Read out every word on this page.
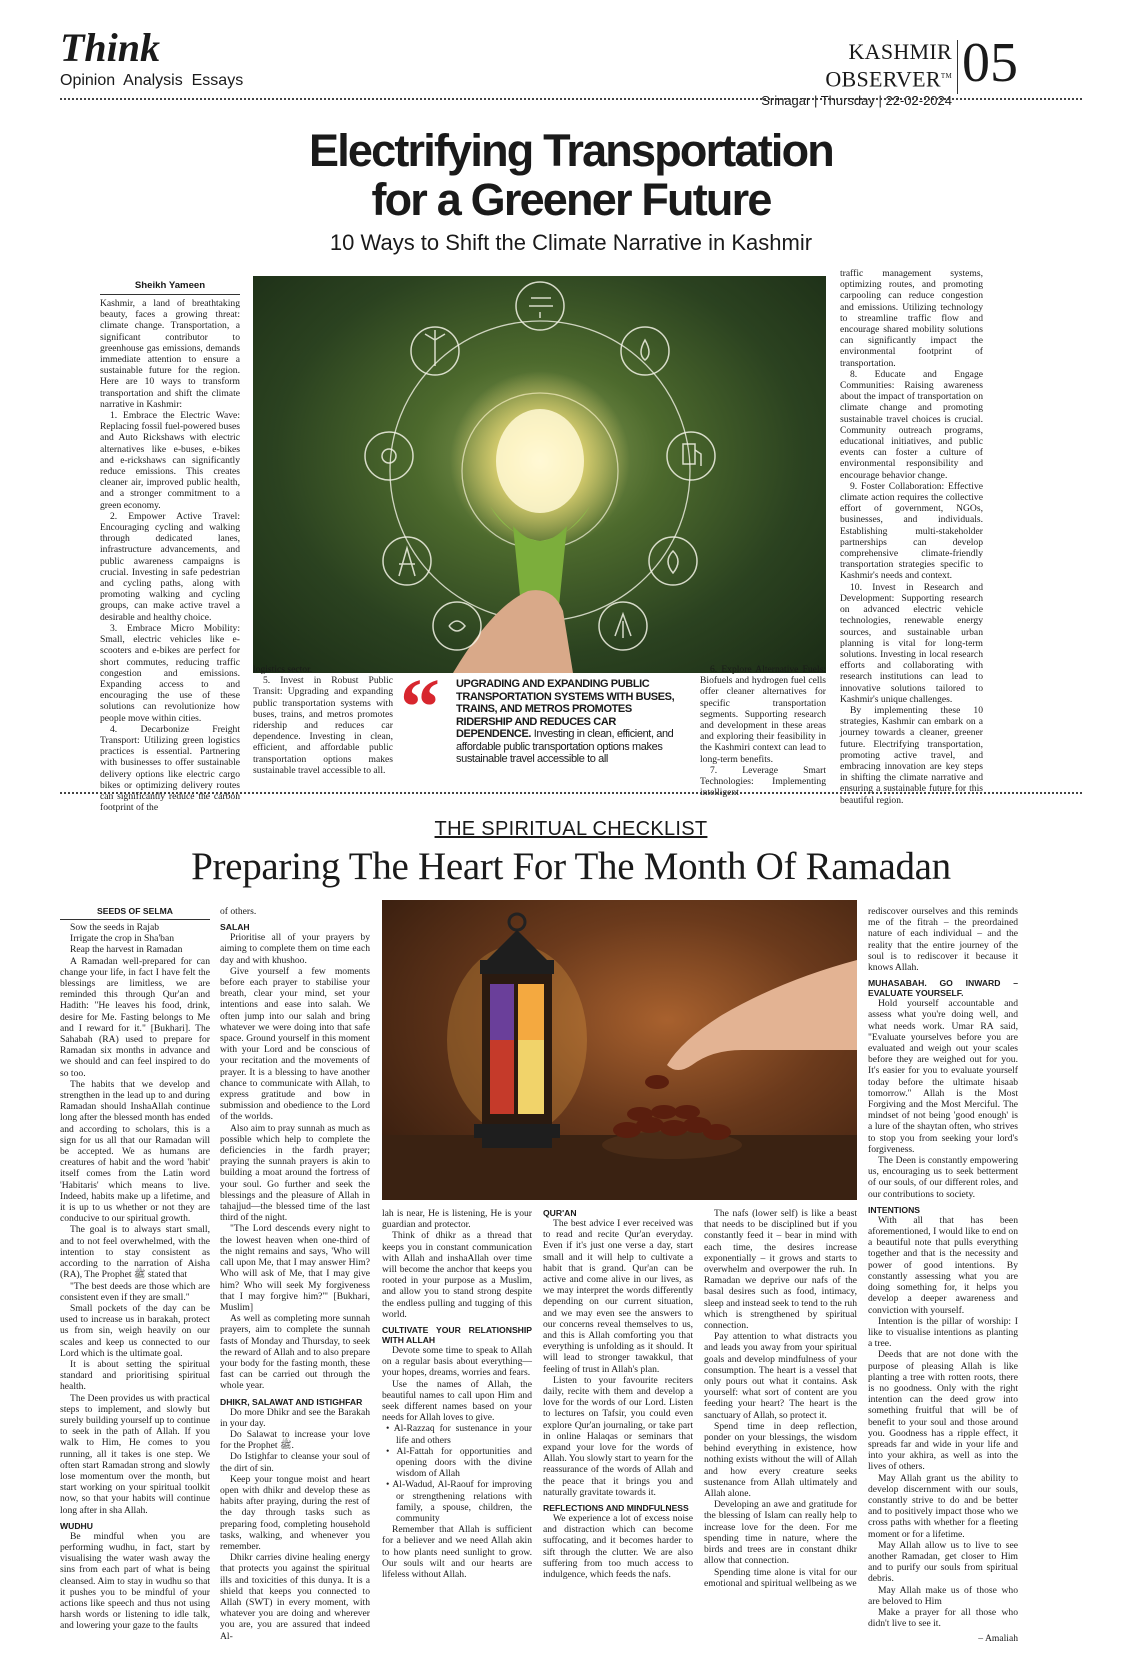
Think
Opinion  Analysis  Essays
KASHMIR OBSERVER™
Srinagar | Thursday | 22-02-2024
05
Electrifying Transportation
for a Greener Future
10 Ways to Shift the Climate Narrative in Kashmir
Sheikh Yameen

Kashmir, a land of breathtaking beauty, faces a growing threat: climate change. Transportation, a significant contributor to greenhouse gas emissions, demands immediate attention to ensure a sustainable future for the region. Here are 10 ways to transform transportation and shift the climate narrative in Kashmir:

1. Embrace the Electric Wave: Replacing fossil fuel-powered buses and Auto Rickshaws with electric alternatives like e-buses, e-bikes and e-rickshaws can significantly reduce emissions. This creates cleaner air, improved public health, and a stronger commitment to a green economy.

2. Empower Active Travel: Encouraging cycling and walking through dedicated lanes, infrastructure advancements, and public awareness campaigns is crucial. Investing in safe pedestrian and cycling paths, along with promoting walking and cycling groups, can make active travel a desirable and healthy choice.

3. Embrace Micro Mobility: Small, electric vehicles like e-scooters and e-bikes are perfect for short commutes, reducing traffic congestion and emissions. Expanding access to and encouraging the use of these solutions can revolutionize how people move within cities.

4. Decarbonize Freight Transport: Utilizing green logistics practices is essential. Partnering with businesses to offer sustainable delivery options like electric cargo bikes or optimizing delivery routes can significantly reduce the carbon footprint of the

logistics sector.

5. Invest in Robust Public Transit: Upgrading and expanding public transportation systems with buses, trains, and metros promotes ridership and reduces car dependence. Investing in clean, efficient, and affordable public transportation options makes sustainable travel accessible to all.

“ UPGRADING AND EXPANDING PUBLIC TRANSPORTATION SYSTEMS WITH BUSES, TRAINS, AND METROS PROMOTES RIDERSHIP AND REDUCES CAR DEPENDENCE. Investing in clean, efficient, and affordable public transportation options makes sustainable travel accessible to all

6. Explore Alternative Fuels: Biofuels and hydrogen fuel cells offer cleaner alternatives for specific transportation segments. Supporting research and development in these areas and exploring their feasibility in the Kashmiri context can lead to long-term benefits.

7. Leverage Smart Technologies: Implementing intelligent

traffic management systems, optimizing routes, and promoting carpooling can reduce congestion and emissions. Utilizing technology to streamline traffic flow and encourage shared mobility solutions can significantly impact the environmental footprint of transportation.

8. Educate and Engage Communities: Raising awareness about the impact of transportation on climate change and promoting sustainable travel choices is crucial. Community outreach programs, educational initiatives, and public events can foster a culture of environmental responsibility and encourage behavior change.

9. Foster Collaboration: Effective climate action requires the collective effort of government, NGOs, businesses, and individuals. Establishing multi-stakeholder partnerships can develop comprehensive climate-friendly transportation strategies specific to Kashmir's needs and context.

10. Invest in Research and Development: Supporting research on advanced electric vehicle technologies, renewable energy sources, and sustainable urban planning is vital for long-term solutions. Investing in local research efforts and collaborating with research institutions can lead to innovative solutions tailored to Kashmir's unique challenges.

By implementing these 10 strategies, Kashmir can embark on a journey towards a cleaner, greener future. Electrifying transportation, promoting active travel, and embracing innovation are key steps in shifting the climate narrative and ensuring a sustainable future for this beautiful region.

THE SPIRITUAL CHECKLIST
Preparing The Heart For The Month Of Ramadan
SEEDS OF SELMA

Sow the seeds in Rajab

Irrigate the crop in Sha'ban

Reap the harvest in Ramadan

A Ramadan well-prepared for can change your life, in fact I have felt the blessings are limitless, we are reminded this through Qur'an and Hadith: "He leaves his food, drink, desire for Me. Fasting belongs to Me and I reward for it." [Bukhari]. The Sahabah (RA) used to prepare for Ramadan six months in advance and we should and can feel inspired to do so too.

The habits that we develop and strengthen in the lead up to and during Ramadan should InshaAllah continue long after the blessed month has ended and according to scholars, this is a sign for us all that our Ramadan will be accepted. We as humans are creatures of habit and the word 'habit' itself comes from the Latin word 'Habitaris' which means to live. Indeed, habits make up a lifetime, and it is up to us whether or not they are conducive to our spiritual growth.

The goal is to always start small, and to not feel overwhelmed, with the intention to stay consistent as according to the narration of Aisha (RA), The Prophet ﷺ stated that

"The best deeds are those which are consistent even if they are small."

Small pockets of the day can be used to increase us in barakah, protect us from sin, weigh heavily on our scales and keep us connected to our Lord which is the ultimate goal.

It is about setting the spiritual standard and prioritising spiritual health.

The Deen provides us with practical steps to implement, and slowly but surely building yourself up to continue to seek in the path of Allah. If you walk to Him, He comes to you running, all it takes is one step. We often start Ramadan strong and slowly lose momentum over the month, but start working on your spiritual toolkit now, so that your habits will continue long after in sha Allah.

WUDHU

Be mindful when you are performing wudhu, in fact, start by visualising the water wash away the sins from each part of what is being cleansed. Aim to stay in wudhu so that it pushes you to be mindful of your actions like speech and thus not using harsh words or listening to idle talk, and lowering your gaze to the faults

of others.

SALAH

Prioritise all of your prayers by aiming to complete them on time each day and with khushoo.

Give yourself a few moments before each prayer to stabilise your breath, clear your mind, set your intentions and ease into salah. We often jump into our salah and bring whatever we were doing into that safe space. Ground yourself in this moment with your Lord and be conscious of your recitation and the movements of prayer. It is a blessing to have another chance to communicate with Allah, to express gratitude and bow in submission and obedience to the Lord of the worlds.

Also aim to pray sunnah as much as possible which help to complete the deficiencies in the fardh prayer; praying the sunnah prayers is akin to building a moat around the fortress of your soul. Go further and seek the blessings and the pleasure of Allah in tahajjud—the blessed time of the last third of the night.

"The Lord descends every night to the lowest heaven when one-third of the night remains and says, 'Who will call upon Me, that I may answer Him? Who will ask of Me, that I may give him? Who will seek My forgiveness that I may forgive him?'" [Bukhari, Muslim]

As well as completing more sunnah prayers, aim to complete the sunnah fasts of Monday and Thursday, to seek the reward of Allah and to also prepare your body for the fasting month, these fast can be carried out through the whole year.

DHIKR, SALAWAT AND ISTIGHFAR

Do more Dhikr and see the Barakah in your day.

Do Salawat to increase your love for the Prophet ﷺ.

Do Istighfar to cleanse your soul of the dirt of sin.

Keep your tongue moist and heart open with dhikr and develop these as habits after praying, during the rest of the day through tasks such as preparing food, completing household tasks, walking, and whenever you remember.

Dhikr carries divine healing energy that protects you against the spiritual ills and toxicities of this dunya. It is a shield that keeps you connected to Allah (SWT) in every moment, with whatever you are doing and wherever you are, you are assured that indeed Al-

lah is near, He is listening, He is your guardian and protector.

Think of dhikr as a thread that keeps you in constant communication with Allah and inshaAllah over time will become the anchor that keeps you rooted in your purpose as a Muslim, and allow you to stand strong despite the endless pulling and tugging of this world.

CULTIVATE YOUR RELATIONSHIP WITH ALLAH

Devote some time to speak to Allah on a regular basis about everything—your hopes, dreams, worries and fears.

Use the names of Allah, the beautiful names to call upon Him and seek different names based on your needs for Allah loves to give.

• Al-Razzaq for sustenance in your life and others
• Al-Fattah for opportunities and opening doors with the divine wisdom of Allah
• Al-Wadud, Al-Raouf for improving or strengthening relations with family, a spouse, children, the community

Remember that Allah is sufficient for a believer and we need Allah akin to how plants need sunlight to grow. Our souls wilt and our hearts are lifeless without Allah.

QUR'AN

The best advice I ever received was to read and recite Qur'an everyday. Even if it's just one verse a day, start small and it will help to cultivate a habit that is grand. Qur'an can be active and come alive in our lives, as we may interpret the words differently depending on our current situation, and we may even see the answers to our concerns reveal themselves to us, and this is Allah comforting you that everything is unfolding as it should. It will lead to stronger tawakkul, that feeling of trust in Allah's plan.

Listen to your favourite reciters daily, recite with them and develop a love for the words of our Lord. Listen to lectures on Tafsir, you could even explore Qur'an journaling, or take part in online Halaqas or seminars that expand your love for the words of Allah. You slowly start to yearn for the reassurance of the words of Allah and the peace that it brings you and naturally gravitate towards it.

REFLECTIONS AND MINDFULNESS

We experience a lot of excess noise and distraction which can become suffocating, and it becomes harder to sift through the clutter. We are also suffering from too much access to indulgence, which feeds the nafs.

The nafs (lower self) is like a beast that needs to be disciplined but if you constantly feed it – bear in mind with each time, the desires increase exponentially – it grows and starts to overwhelm and overpower the ruh. In Ramadan we deprive our nafs of the basal desires such as food, intimacy, sleep and instead seek to tend to the ruh which is strengthened by spiritual connection.

Pay attention to what distracts you and leads you away from your spiritual goals and develop mindfulness of your consumption. The heart is a vessel that only pours out what it contains. Ask yourself: what sort of content are you feeding your heart? The heart is the sanctuary of Allah, so protect it.

Spend time in deep reflection, ponder on your blessings, the wisdom behind everything in existence, how nothing exists without the will of Allah and how every creature seeks sustenance from Allah ultimately and Allah alone.

Developing an awe and gratitude for the blessing of Islam can really help to increase love for the deen. For me spending time in nature, where the birds and trees are in constant dhikr allow that connection.

Spending time alone is vital for our emotional and spiritual wellbeing as we

rediscover ourselves and this reminds me of the fitrah – the preordained nature of each individual – and the reality that the entire journey of the soul is to rediscover it because it knows Allah.

MUHASABAH. GO INWARD – EVALUATE YOURSELF.

Hold yourself accountable and assess what you're doing well, and what needs work. Umar RA said, "Evaluate yourselves before you are evaluated and weigh out your scales before they are weighed out for you. It's easier for you to evaluate yourself today before the ultimate hisaab tomorrow." Allah is the Most Forgiving and the Most Merciful. The mindset of not being 'good enough' is a lure of the shaytan often, who strives to stop you from seeking your lord's forgiveness.

The Deen is constantly empowering us, encouraging us to seek betterment of our souls, of our different roles, and our contributions to society.

INTENTIONS

With all that has been aforementioned, I would like to end on a beautiful note that pulls everything together and that is the necessity and power of good intentions. By constantly assessing what you are doing something for, it helps you develop a deeper awareness and conviction with yourself.

Intention is the pillar of worship: I like to visualise intentions as planting a tree.

Deeds that are not done with the purpose of pleasing Allah is like planting a tree with rotten roots, there is no goodness. Only with the right intention can the deed grow into something fruitful that will be of benefit to your soul and those around you. Goodness has a ripple effect, it spreads far and wide in your life and into your akhira, as well as into the lives of others.

May Allah grant us the ability to develop discernment with our souls, constantly strive to do and be better and to positively impact those who we cross paths with whether for a fleeting moment or for a lifetime.

May Allah allow us to live to see another Ramadan, get closer to Him and to purify our souls from spiritual debris.

May Allah make us of those who are beloved to Him

Make a prayer for all those who didn't live to see it.

– Amaliah
